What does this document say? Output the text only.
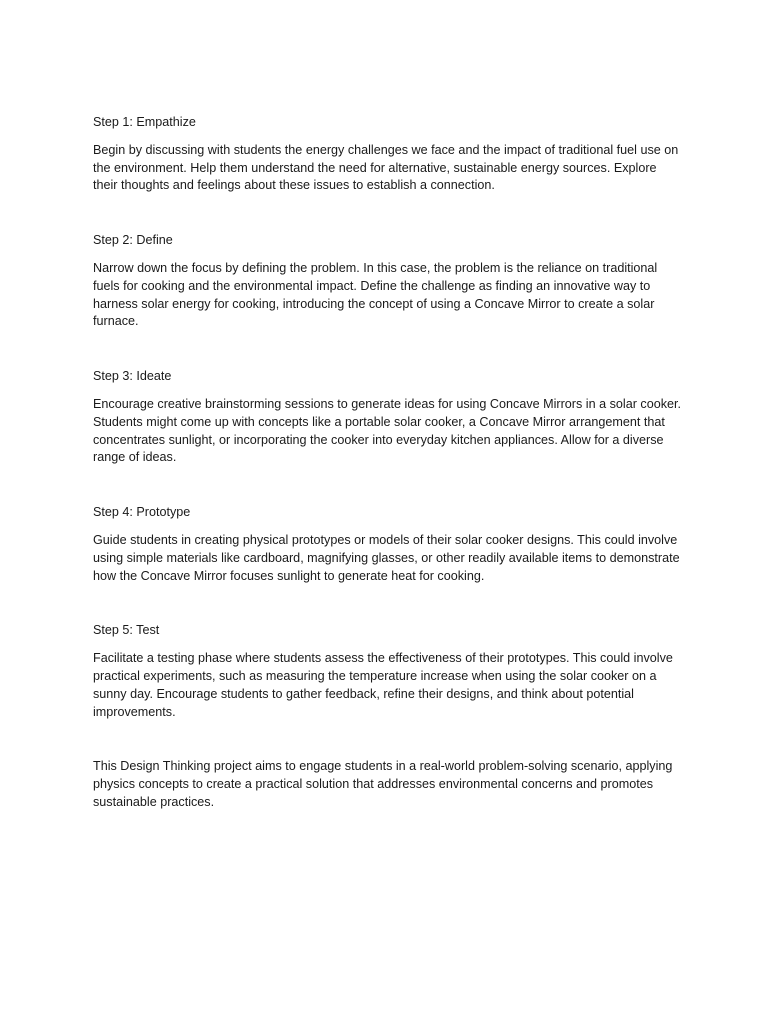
Step 1: Empathize

Begin by discussing with students the energy challenges we face and the impact of traditional fuel use on the environment. Help them understand the need for alternative, sustainable energy sources. Explore their thoughts and feelings about these issues to establish a connection.

Step 2: Define

Narrow down the focus by defining the problem. In this case, the problem is the reliance on traditional fuels for cooking and the environmental impact. Define the challenge as finding an innovative way to harness solar energy for cooking, introducing the concept of using a Concave Mirror to create a solar furnace.

Step 3: Ideate

Encourage creative brainstorming sessions to generate ideas for using Concave Mirrors in a solar cooker. Students might come up with concepts like a portable solar cooker, a Concave Mirror arrangement that concentrates sunlight, or incorporating the cooker into everyday kitchen appliances. Allow for a diverse range of ideas.

Step 4: Prototype

Guide students in creating physical prototypes or models of their solar cooker designs. This could involve using simple materials like cardboard, magnifying glasses, or other readily available items to demonstrate how the Concave Mirror focuses sunlight to generate heat for cooking.

Step 5: Test

Facilitate a testing phase where students assess the effectiveness of their prototypes. This could involve practical experiments, such as measuring the temperature increase when using the solar cooker on a sunny day. Encourage students to gather feedback, refine their designs, and think about potential improvements.

This Design Thinking project aims to engage students in a real-world problem-solving scenario, applying physics concepts to create a practical solution that addresses environmental concerns and promotes sustainable practices.
